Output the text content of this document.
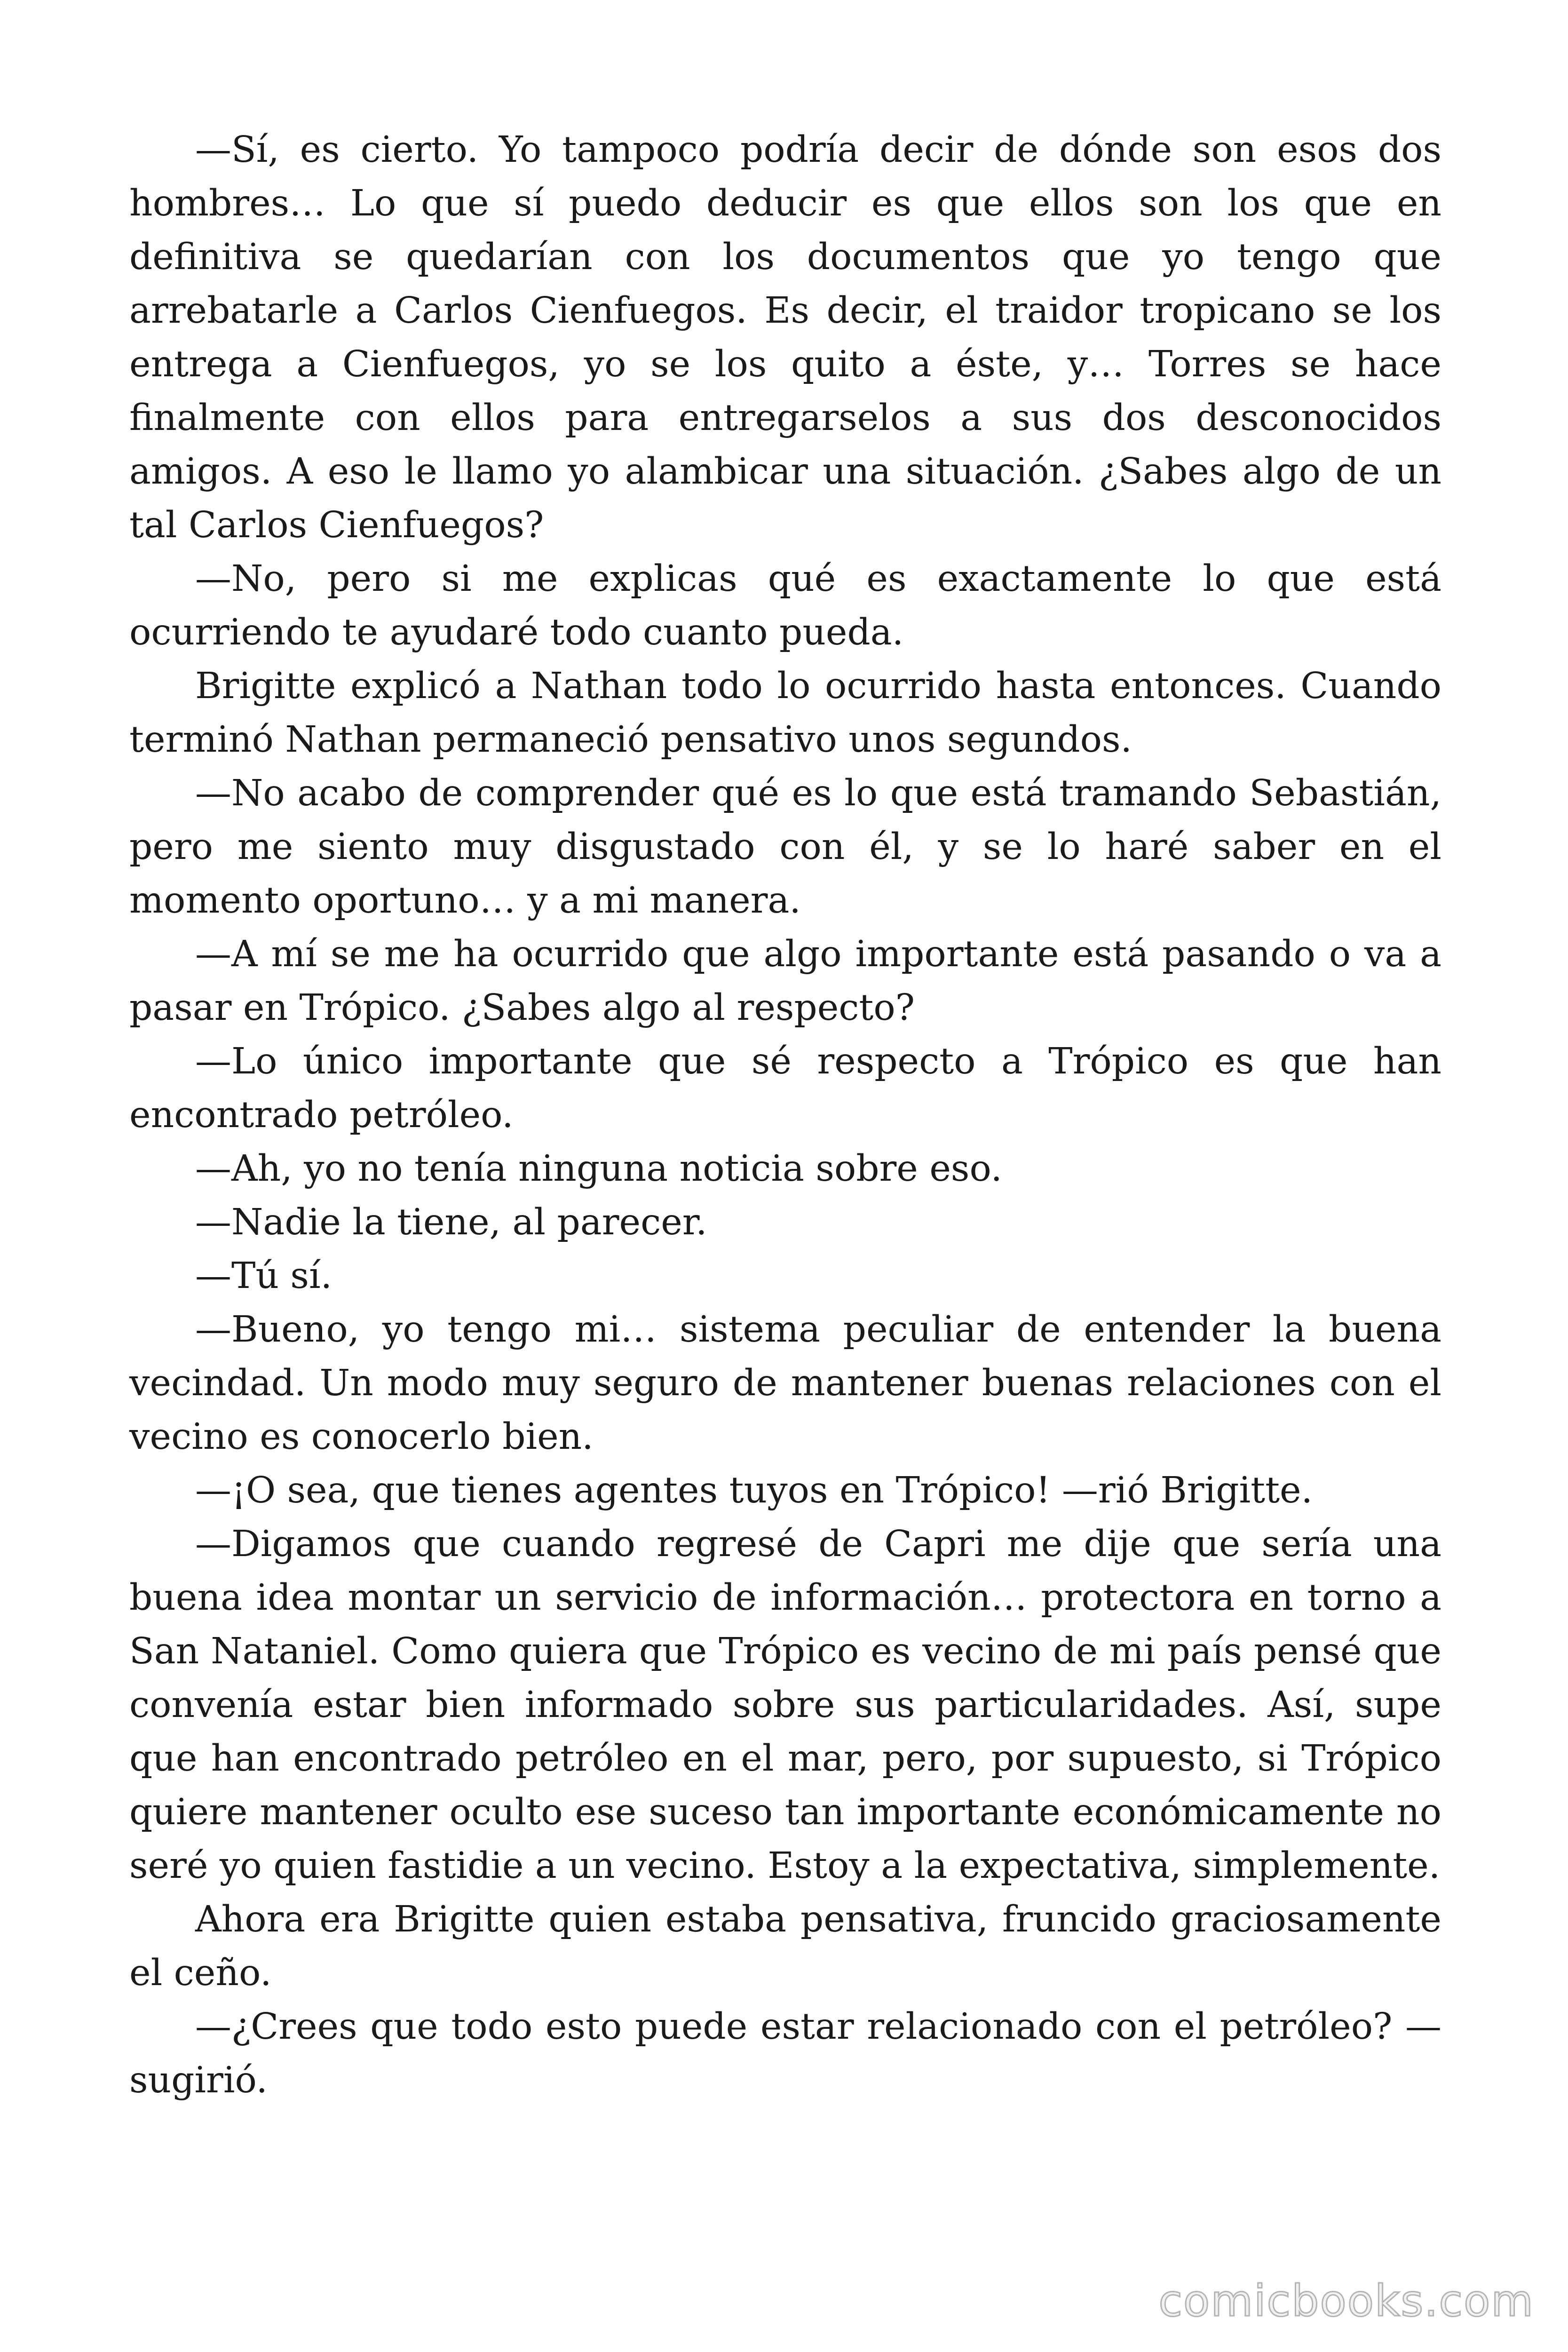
—Sí, es cierto. Yo tampoco podría decir de dónde son esos dos hombres… Lo que sí puedo deducir es que ellos son los que en definitiva se quedarían con los documentos que yo tengo que arrebatarle a Carlos Cienfuegos. Es decir, el traidor tropicano se los entrega a Cienfuegos, yo se los quito a éste, y… Torres se hace finalmente con ellos para entregarselos a sus dos desconocidos amigos. A eso le llamo yo alambicar una situación. ¿Sabes algo de un tal Carlos Cienfuegos?

—No, pero si me explicas qué es exactamente lo que está ocurriendo te ayudaré todo cuanto pueda.

Brigitte explicó a Nathan todo lo ocurrido hasta entonces. Cuando terminó Nathan permaneció pensativo unos segundos.

—No acabo de comprender qué es lo que está tramando Sebastián, pero me siento muy disgustado con él, y se lo haré saber en el momento oportuno… y a mi manera.

—A mí se me ha ocurrido que algo importante está pasando o va a pasar en Trópico. ¿Sabes algo al respecto?

—Lo único importante que sé respecto a Trópico es que han encontrado petróleo.

—Ah, yo no tenía ninguna noticia sobre eso.

—Nadie la tiene, al parecer.

—Tú sí.

—Bueno, yo tengo mi… sistema peculiar de entender la buena vecindad. Un modo muy seguro de mantener buenas relaciones con el vecino es conocerlo bien.

—¡O sea, que tienes agentes tuyos en Trópico! —rió Brigitte.

—Digamos que cuando regresé de Capri me dije que sería una buena idea montar un servicio de información… protectora en torno a San Nataniel. Como quiera que Trópico es vecino de mi país pensé que convenía estar bien informado sobre sus particularidades. Así, supe que han encontrado petróleo en el mar, pero, por supuesto, si Trópico quiere mantener oculto ese suceso tan importante económicamente no seré yo quien fastidie a un vecino. Estoy a la expectativa, simplemente.

Ahora era Brigitte quien estaba pensativa, fruncido graciosamente el ceño.

—¿Crees que todo esto puede estar relacionado con el petróleo? —sugirió.

comicbooks.com
